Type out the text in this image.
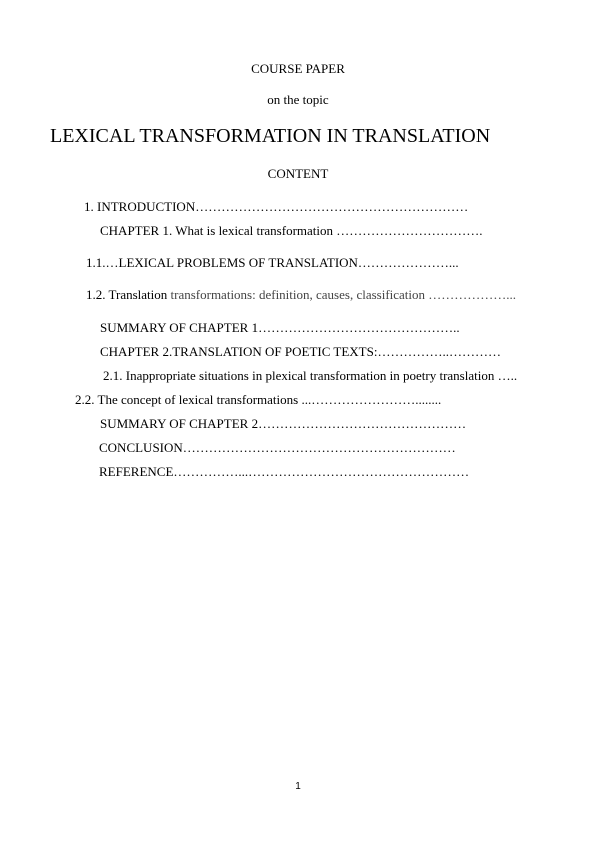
COURSE PAPER
on the topic
LEXICAL TRANSFORMATION IN TRANSLATION
CONTENT
1. INTRODUCTION………………………………………………………
CHAPTER 1. What is lexical transformation …………………………….
1.1.…LEXICAL PROBLEMS OF TRANSLATION…………………...
1.2. Translation transformations: definition, causes, classification ………………...
SUMMARY OF CHAPTER 1………………………………………..
CHAPTER 2.TRANSLATION OF POETIC TEXTS:……………..…………
2.1. Inappropriate situations in plexical transformation in poetry translation …..
2.2. The concept of lexical transformations ...……………………........
SUMMARY OF CHAPTER 2…………………………………………
CONCLUSION………………………………………………………
REFERENCE……………...……………………………………………
1
